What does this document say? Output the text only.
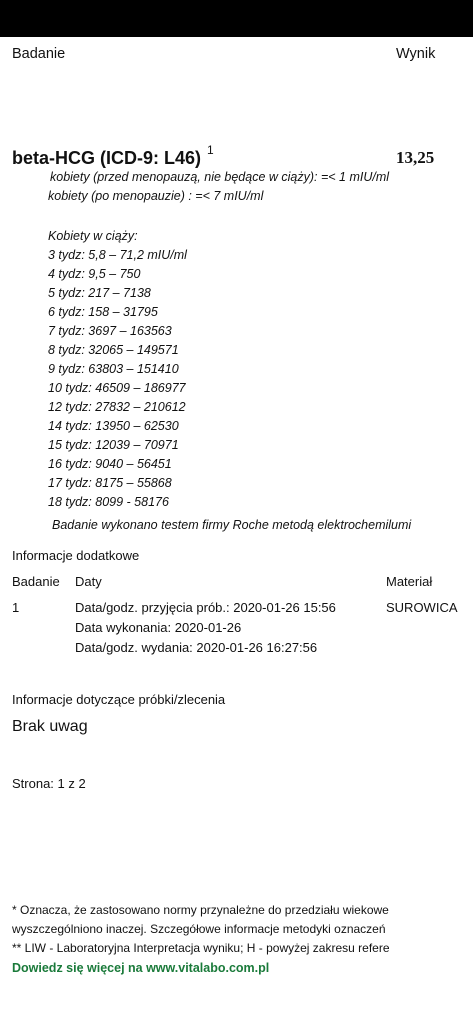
Badanie	Wynik
beta-HCG (ICD-9: L46) $^1$	13,25
kobiety (przed menopauzą, nie będące w ciąży): =< 1 mIU/ml
kobiety (po menopauzie) : =< 7 mIU/ml
Kobiety w ciąży:
3 tydz: 5,8 – 71,2 mIU/ml
4 tydz: 9,5 – 750
5 tydz: 217 – 7138
6 tydz: 158 – 31795
7 tydz: 3697 – 163563
8 tydz: 32065 – 149571
9 tydz: 63803 – 151410
10 tydz: 46509 – 186977
12 tydz: 27832 – 210612
14 tydz: 13950 – 62530
15 tydz: 12039 – 70971
16 tydz: 9040 – 56451
17 tydz: 8175 – 55868
18 tydz: 8099 - 58176
Badanie wykonano testem firmy Roche metodą elektrochemilumi
Informacje dodatkowe
Badanie Daty	Materiał
1	Data/godz. przyjęcia prób.: 2020-01-26 15:56	SUROWICA
Data wykonania: 2020-01-26
Data/godz. wydania: 2020-01-26 16:27:56
Informacje dotyczące próbki/zlecenia
Brak uwag
Strona: 1 z 2
* Oznacza, że zastosowano normy przynależne do przedziału wiekowe
wyszczególniono inaczej. Szczegółowe informacje metodyki oznaczeń
** LIW - Laboratoryjna Interpretacja wyniku; H - powyżej zakresu refere
Dowiedz się więcej na www.vitalabo.com.pl
